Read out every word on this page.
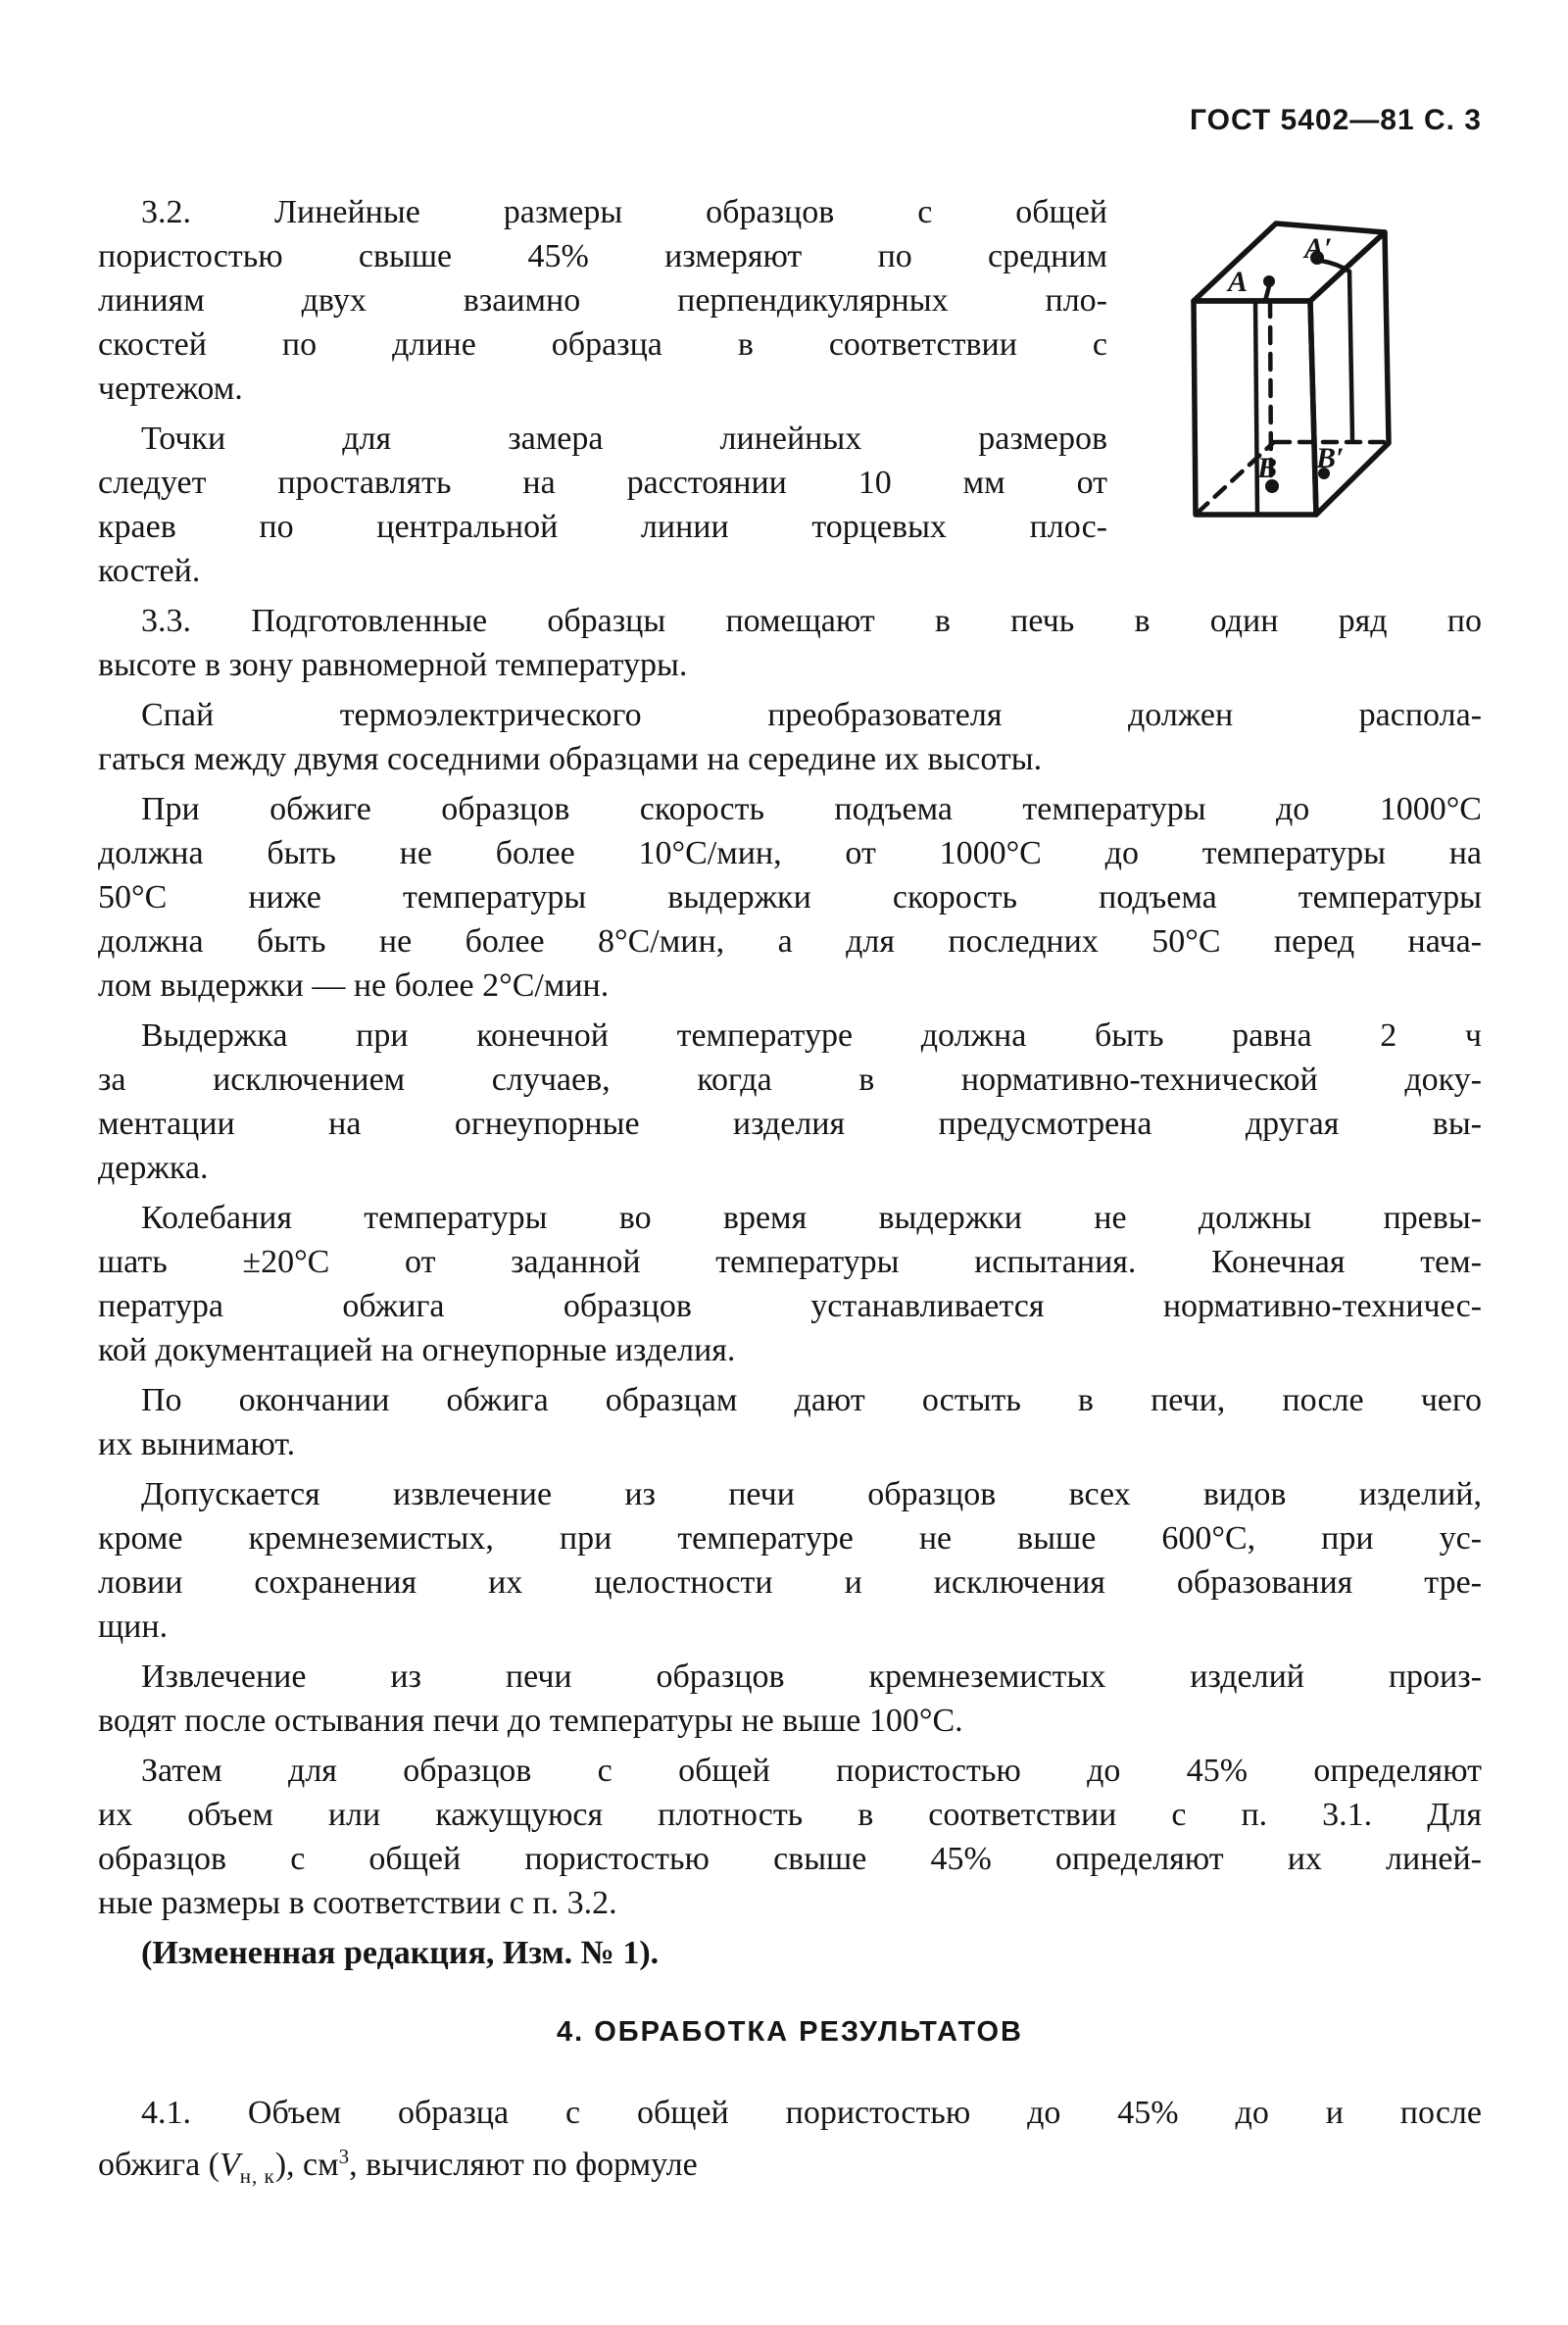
ГОСТ 5402—81 С. 3
3.2. Линейные размеры образцов с общей
пористостью свыше 45% измеряют по средним
линиям двух взаимно перпендикулярных пло-
скостей по длине образца в соответствии с
чертежом.
Точки для замера линейных размеров
следует проставлять на расстоянии 10 мм от
краев по центральной линии торцевых плос-
костей.
А
А′
В В′
3.3. Подготовленные образцы помещают в печь в один ряд по
высоте в зону равномерной температуры.
Спай термоэлектрического преобразователя должен распола-
гаться между двумя соседними образцами на середине их высоты.
При обжиге образцов скорость подъема температуры до 1000°С
должна быть не более 10°С/мин, от 1000°С до температуры на
50°С ниже температуры выдержки скорость подъема температуры
должна быть не более 8°С/мин, а для последних 50°С перед нача-
лом выдержки — не более 2°С/мин.
Выдержка при конечной температуре должна быть равна 2 ч
за исключением случаев, когда в нормативно-технической доку-
ментации на огнеупорные изделия предусмотрена другая вы-
держка.
Колебания температуры во время выдержки не должны превы-
шать ±20°С от заданной температуры испытания. Конечная тем-
пература обжига образцов устанавливается нормативно-техничес-
кой документацией на огнеупорные изделия.
По окончании обжига образцам дают остыть в печи, после чего
их вынимают.
Допускается извлечение из печи образцов всех видов изделий,
кроме кремнеземистых, при температуре не выше 600°С, при ус-
ловии сохранения их целостности и исключения образования тре-
щин.
Извлечение из печи образцов кремнеземистых изделий произ-
водят после остывания печи до температуры не выше 100°С.
Затем для образцов с общей пористостью до 45% определяют
их объем или кажущуюся плотность в соответствии с п. 3.1. Для
образцов с общей пористостью свыше 45% определяют их линей-
ные размеры в соответствии с п. 3.2.
(Измененная редакция, Изм. № 1).
4. ОБРАБОТКА РЕЗУЛЬТАТОВ
4.1. Объем образца с общей пористостью до 45% до и после
обжига $(V_{н, к})$, $см^3$, вычисляют по формуле
